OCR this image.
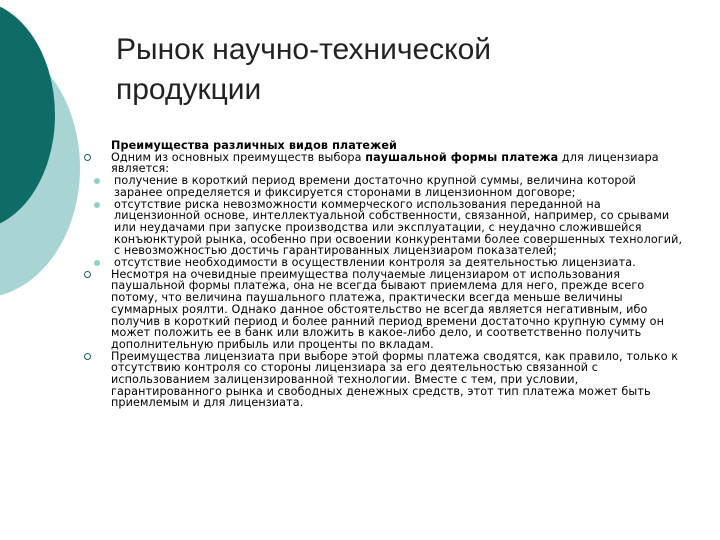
Рынок научно-технической
продукции
Преимущества различных видов платежей
Одним из основных преимуществ выбора паушальной формы платежа для лицензиара является:
получение в короткий период времени достаточно крупной суммы, величина которой заранее определяется и фиксируется сторонами в лицензионном договоре;
отсутствие риска невозможности коммерческого использования переданной на лицензионной основе, интеллектуальной собственности, связанной, например, со срывами или неудачами при запуске производства или эксплуатации, с неудачно сложившейся конъюнктурой рынка, особенно при освоении конкурентами более совершенных технологий, с невозможностью достичь гарантированных лицензиаром показателей;
отсутствие необходимости в осуществлении контроля за деятельностью лицензиата.
Несмотря на очевидные преимущества получаемые лицензиаром от использования паушальной формы платежа, она не всегда бывают приемлема для него, прежде всего потому, что величина паушального платежа, практически всегда меньше величины суммарных роялти. Однако данное обстоятельство не всегда является негативным, ибо получив в короткий период и более ранний период времени достаточно крупную сумму он может положить ее в банк или вложить в какое-либо дело, и соответственно получить дополнительную прибыль или проценты по вкладам.
Преимущества лицензиата при выборе этой формы платежа сводятся, как правило, только к отсутствию контроля со стороны лицензиара за его деятельностью связанной с использованием залицензированной технологии. Вместе с тем, при условии, гарантированного рынка и свободных денежных средств, этот тип платежа может быть приемлемым и для лицензиата.
